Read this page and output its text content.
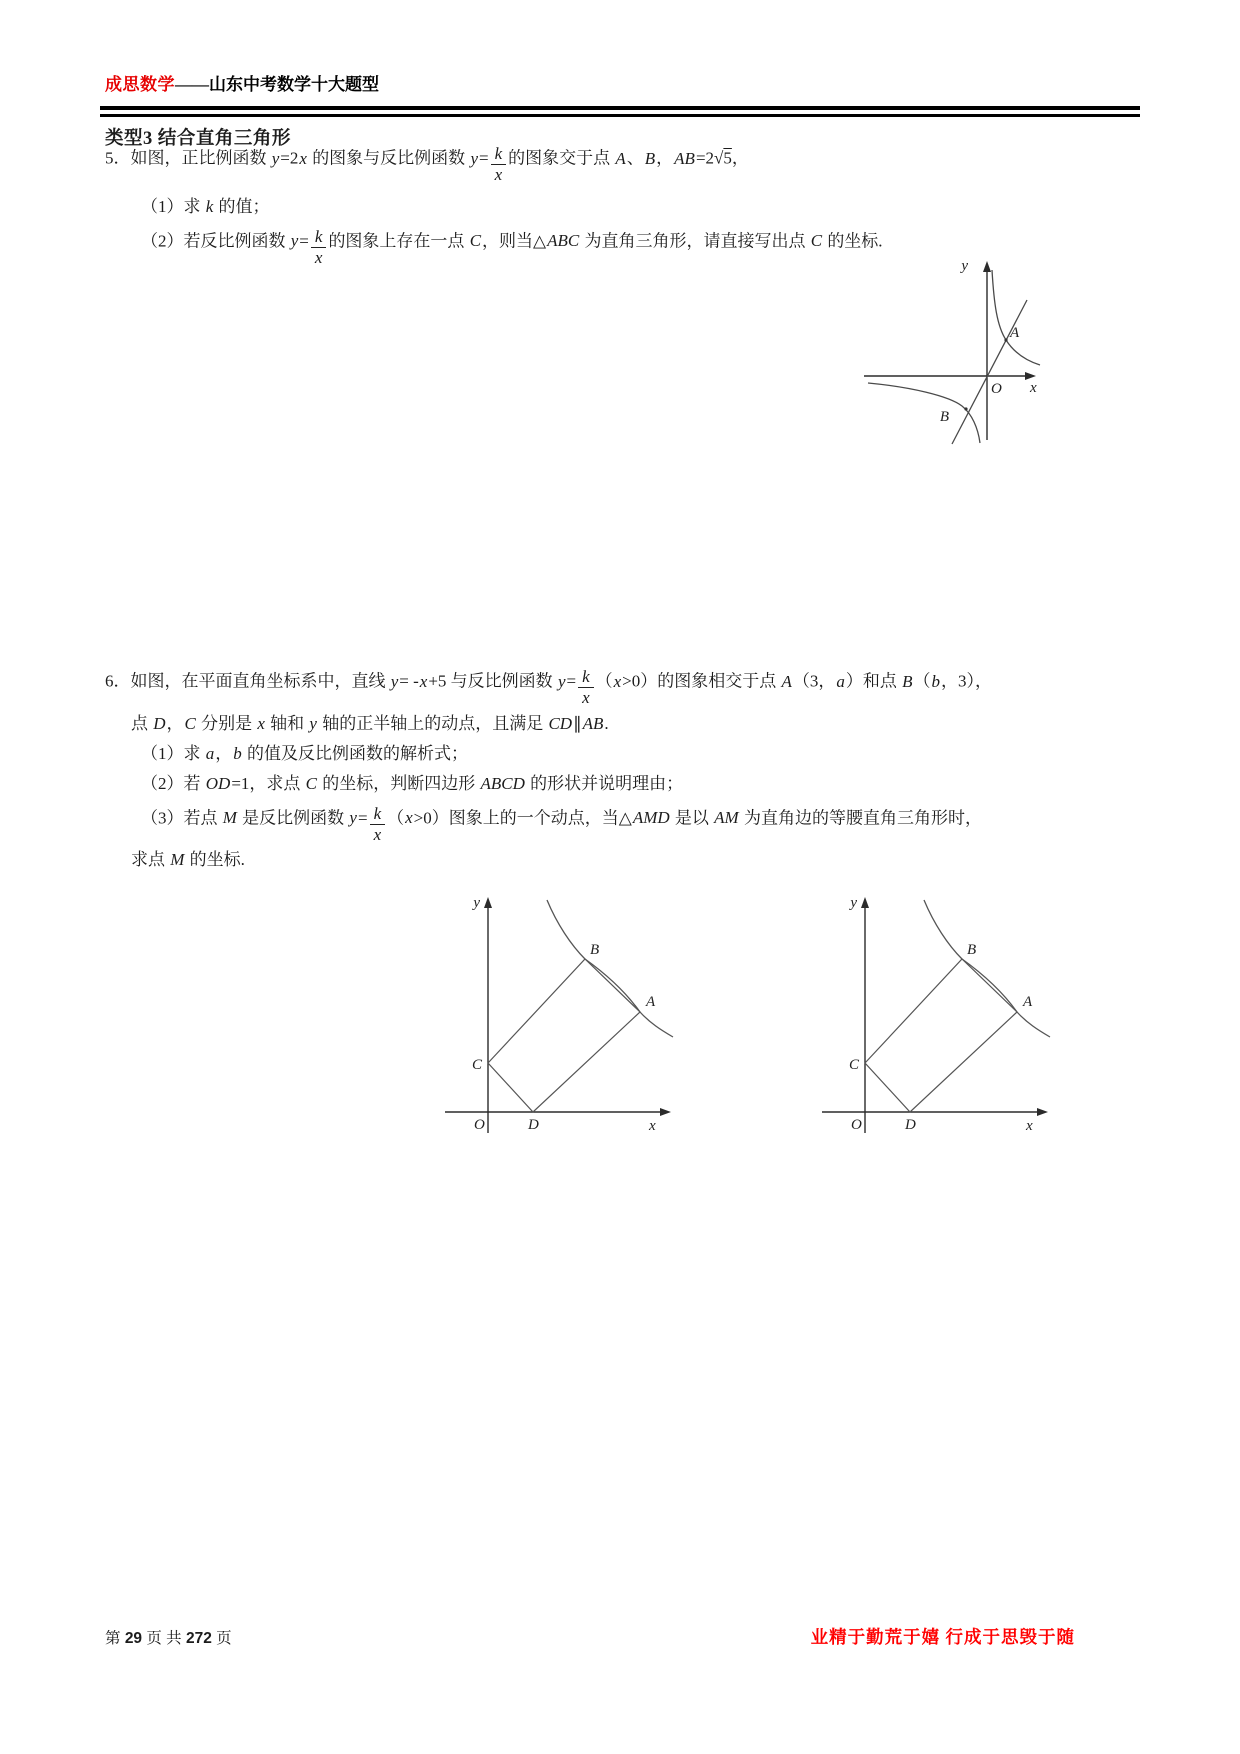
成思数学——山东中考数学十大题型
类型3 结合直角三角形

5．如图，正比例函数 y=2x 的图象与反比例函数 $y= \frac{k}{x}$ 的图象交于点 A、B，AB=2√5，

（1）求 k 的值；

（2）若反比例函数 $y= \frac{k}{x}$ 的图象上存在一点 C，则当△ABC 为直角三角形，请直接写出点 C 的坐标.

y
x
O
A
B

6．如图，在平面直角坐标系中，直线 y= -x+5 与反比例函数 $y= \frac{k}{x} (x>0)$的图象相交于点 A（3，a）和点 B（b，3），

点 D，C 分别是 x 轴和 y 轴的正半轴上的动点，且满足 CD∥AB.

（1）求 a，b 的值及反比例函数的解析式；

（2）若 OD=1，求点 C 的坐标，判断四边形 ABCD 的形状并说明理由；

（3）若点 M 是反比例函数 $y= \frac{k}{x} (x>0)$图象上的一个动点，当△AMD 是以 AM 为直角边的等腰直角三角形时，

求点 M 的坐标.

y
x
O	D
C
B
A
y
x
O	D
C
B
A
第 29 页 共 272 页	业精于勤荒于嬉 行成于思毁于随
